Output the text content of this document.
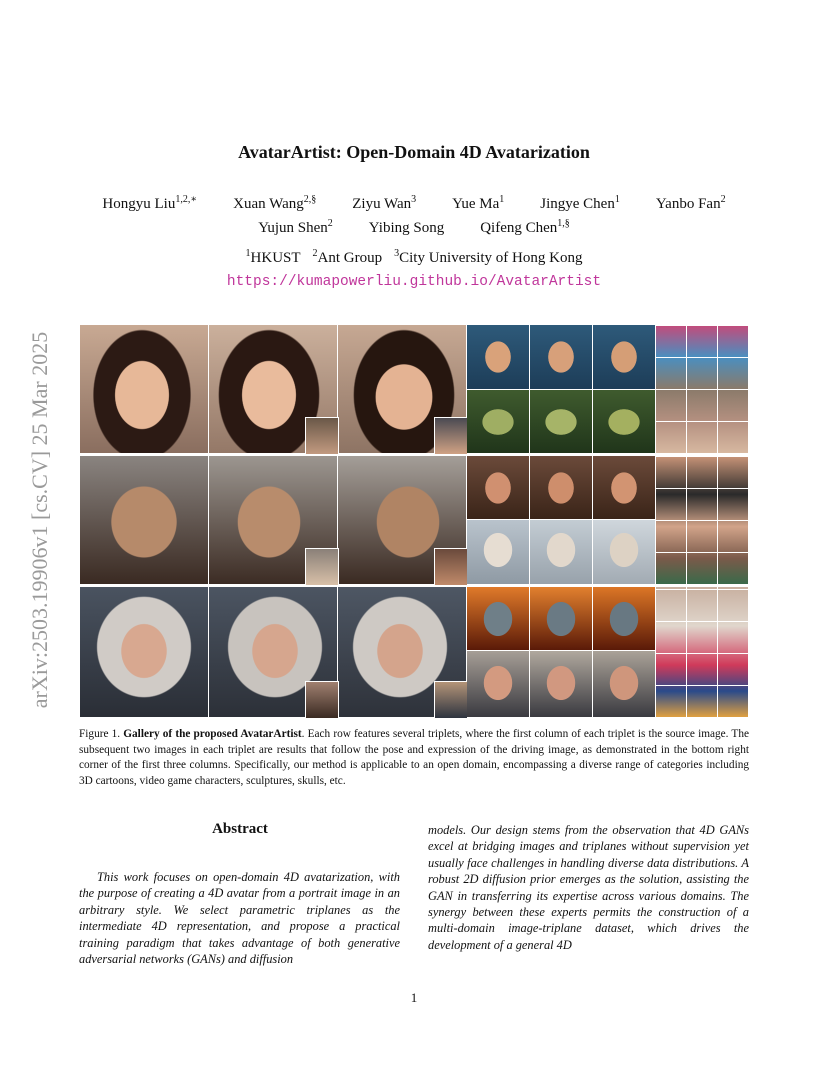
AvatarArtist: Open-Domain 4D Avatarization
Hongyu Liu$^{1,2,∗}$ Xuan Wang$^{2,\S}$ Ziyu Wan$^3$ Yue Ma$^1$ Jingye Chen$^1$ Yanbo Fan$^2$
Yujun Shen$^2$ Yibing Song Qifeng Chen$^{1,\S}$
$^1$HKUST $^2$Ant Group $^3$City University of Hong Kong
https://kumapowerliu.github.io/AvatarArtist
arXiv:2503.19906v1 [cs.CV] 25 Mar 2025
Figure 1. Gallery of the proposed AvatarArtist. Each row features several triplets, where the first column of each triplet is the source image. The subsequent two images in each triplet are results that follow the pose and expression of the driving image, as demonstrated in the bottom right corner of the first three columns. Specifically, our method is applicable to an open domain, encompassing a diverse range of categories including 3D cartoons, video game characters, sculptures, skulls, etc.
Abstract

This work focuses on open-domain 4D avatarization, with the purpose of creating a 4D avatar from a portrait image in an arbitrary style. We select parametric triplanes as the intermediate 4D representation, and propose a practical training paradigm that takes advantage of both generative adversarial networks (GANs) and diffusion

models. Our design stems from the observation that 4D GANs excel at bridging images and triplanes without supervision yet usually face challenges in handling diverse data distributions. A robust 2D diffusion prior emerges as the solution, assisting the GAN in transferring its expertise across various domains. The synergy between these experts permits the construction of a multi-domain image-triplane dataset, which drives the development of a general 4D

1
